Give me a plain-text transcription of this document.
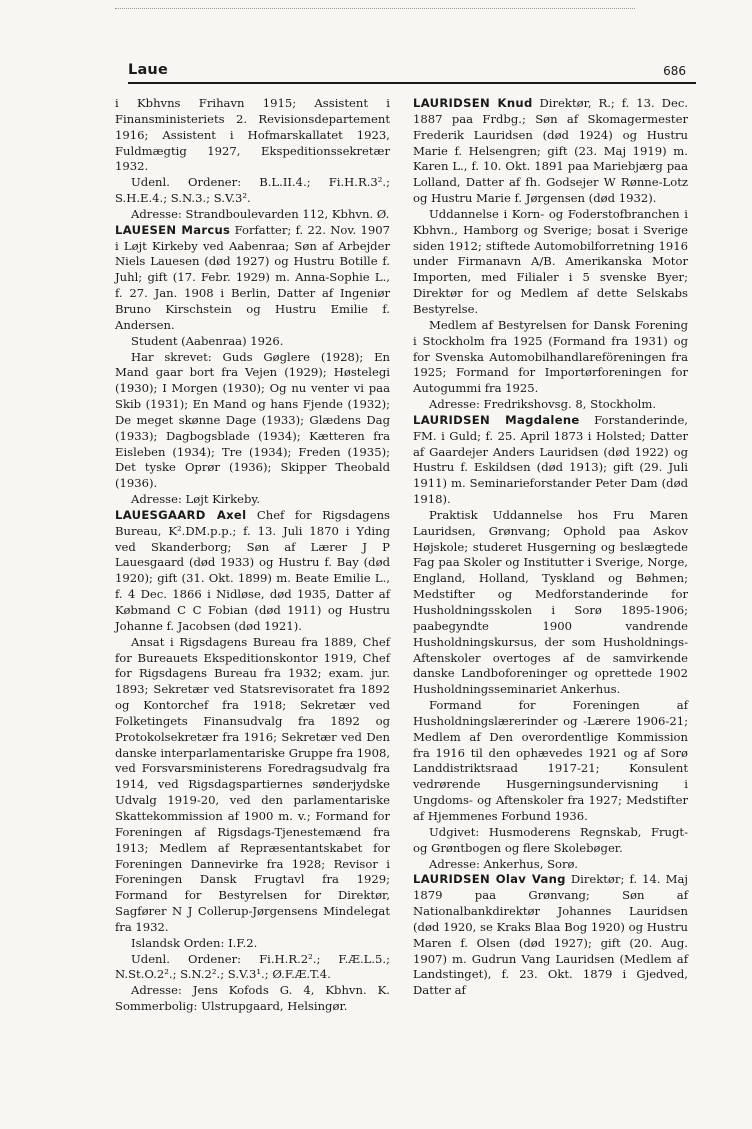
Laue	686

i Kbhvns Frihavn 1915; Assistent i Finansministeriets 2. Revisionsdepartement 1916; Assistent i Hofmarskallatet 1923, Fuldmægtig 1927, Ekspeditionssekretær 1932.

Udenl. Ordener: B.L.II.4.; Fi.H.R.3².; S.H.E.4.; S.N.3.; S.V.3².

Adresse: Strandboulevarden 112, Kbhvn. Ø.

LAUESEN Marcus Forfatter; f. 22. Nov. 1907 i Løjt Kirkeby ved Aabenraa; Søn af Arbejder Niels Lauesen (død 1927) og Hustru Botille f. Juhl; gift (17. Febr. 1929) m. Anna-Sophie L., f. 27. Jan. 1908 i Berlin, Datter af Ingeniør Bruno Kirschstein og Hustru Emilie f. Andersen.

Student (Aabenraa) 1926.

Har skrevet: Guds Gøglere (1928); En Mand gaar bort fra Vejen (1929); Høstelegi (1930); I Morgen (1930); Og nu venter vi paa Skib (1931); En Mand og hans Fjende (1932); De meget skønne Dage (1933); Glædens Dag (1933); Dagbogsblade (1934); Kætteren fra Eisleben (1934); Tre (1934); Freden (1935); Det tyske Oprør (1936); Skipper Theobald (1936).

Adresse: Løjt Kirkeby.

LAUESGAARD Axel Chef for Rigsdagens Bureau, K².DM.p.p.; f. 13. Juli 1870 i Yding ved Skanderborg; Søn af Lærer J P Lauesgaard (død 1933) og Hustru f. Bay (død 1920); gift (31. Okt. 1899) m. Beate Emilie L., f. 4 Dec. 1866 i Nidløse, død 1935, Datter af Købmand C C Fobian (død 1911) og Hustru Johanne f. Jacobsen (død 1921).

Ansat i Rigsdagens Bureau fra 1889, Chef for Bureauets Ekspeditionskontor 1919, Chef for Rigsdagens Bureau fra 1932; exam. jur. 1893; Sekretær ved Statsrevisoratet fra 1892 og Kontorchef fra 1918; Sekretær ved Folketingets Finansudvalg fra 1892 og Protokolsekretær fra 1916; Sekretær ved Den danske interparlamentariske Gruppe fra 1908, ved Forsvarsministerens Foredragsudvalg fra 1914, ved Rigsdagspartiernes sønderjydske Udvalg 1919-20, ved den parlamentariske Skattekommission af 1900 m. v.; Formand for Foreningen af Rigsdags-Tjenestemænd fra 1913; Medlem af Repræsentantskabet for Foreningen Dannevirke fra 1928; Revisor i Foreningen Dansk Frugtavl fra 1929; Formand for Bestyrelsen for Direktør, Sagfører N J Collerup-Jørgensens Mindelegat fra 1932.

Islandsk Orden: I.F.2.

Udenl. Ordener: Fi.H.R.2².; F.Æ.L.5.; N.St.O.2².; S.N.2².; S.V.3¹.; Ø.F.Æ.T.4.

Adresse: Jens Kofods G. 4, Kbhvn. K. Sommerbolig: Ulstrupgaard, Helsingør.

LAURIDSEN Knud Direktør, R.; f. 13. Dec. 1887 paa Frdbg.; Søn af Skomagermester Frederik Lauridsen (død 1924) og Hustru Marie f. Helsengren; gift (23. Maj 1919) m. Karen L., f. 10. Okt. 1891 paa Mariebjærg paa Lolland, Datter af fh. Godsejer W Rønne-Lotz og Hustru Marie f. Jørgensen (død 1932).

Uddannelse i Korn- og Foderstofbranchen i Kbhvn., Hamborg og Sverige; bosat i Sverige siden 1912; stiftede Automobilforretning 1916 under Firmanavn A/B. Amerikanska Motor Importen, med Filialer i 5 svenske Byer; Direktør for og Medlem af dette Selskabs Bestyrelse.

Medlem af Bestyrelsen for Dansk Forening i Stockholm fra 1925 (Formand fra 1931) og for Svenska Automobilhandlareföreningen fra 1925; Formand for Importørforeningen for Autogummi fra 1925.

Adresse: Fredrikshovsg. 8, Stockholm.

LAURIDSEN Magdalene Forstanderinde, FM. i Guld; f. 25. April 1873 i Holsted; Datter af Gaardejer Anders Lauridsen (død 1922) og Hustru f. Eskildsen (død 1913); gift (29. Juli 1911) m. Seminarieforstander Peter Dam (død 1918).

Praktisk Uddannelse hos Fru Maren Lauridsen, Grønvang; Ophold paa Askov Højskole; studeret Husgerning og beslægtede Fag paa Skoler og Institutter i Sverige, Norge, England, Holland, Tyskland og Bøhmen; Medstifter og Medforstanderinde for Husholdningsskolen i Sorø 1895-1906; paabegyndte 1900 vandrende Husholdningskursus, der som Husholdnings-Aftenskoler overtoges af de samvirkende danske Landboforeninger og oprettede 1902 Husholdningsseminariet Ankerhus.

Formand for Foreningen af Husholdningslærerinder og -Lærere 1906-21; Medlem af Den overordentlige Kommission fra 1916 til den ophævedes 1921 og af Sorø Landdistriktsraad 1917-21; Konsulent vedrørende Husgerningsundervisning i Ungdoms- og Aftenskoler fra 1927; Medstifter af Hjemmenes Forbund 1936.

Udgivet: Husmoderens Regnskab, Frugt- og Grøntbogen og flere Skolebøger.

Adresse: Ankerhus, Sorø.

LAURIDSEN Olav Vang Direktør; f. 14. Maj 1879 paa Grønvang; Søn af Nationalbankdirektør Johannes Lauridsen (død 1920, se Kraks Blaa Bog 1920) og Hustru Maren f. Olsen (død 1927); gift (20. Aug. 1907) m. Gudrun Vang Lauridsen (Medlem af Landstinget), f. 23. Okt. 1879 i Gjedved, Datter af
